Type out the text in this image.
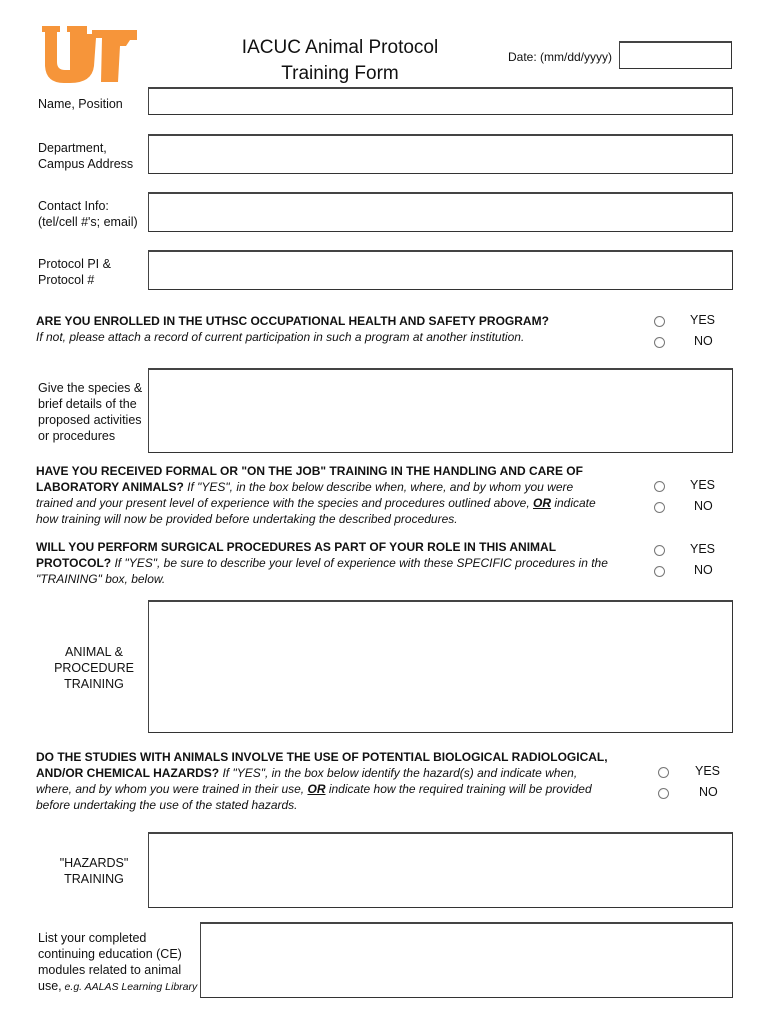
IACUC Animal Protocol
Training Form
Date: (mm/dd/yyyy)
Name, Position
Department,
Campus Address
Contact Info:
(tel/cell #'s; email)
Protocol PI &
Protocol #
ARE YOU ENROLLED IN THE UTHSC OCCUPATIONAL HEALTH AND SAFETY PROGRAM?
If not, please attach a record of current participation in such a program at another institution.
YES
NO
Give the species &
brief details of the
proposed activities
or procedures
HAVE YOU RECEIVED FORMAL OR "ON THE JOB" TRAINING IN THE HANDLING AND CARE OF
LABORATORY ANIMALS? If "YES", in the box below describe when, where, and by whom you were
trained and your present level of experience with the species and procedures outlined above, OR indicate
how training will now be provided before undertaking the described procedures.
YES
NO
WILL YOU PERFORM SURGICAL PROCEDURES AS PART OF YOUR ROLE IN THIS ANIMAL
PROTOCOL? If "YES", be sure to describe your level of experience with these SPECIFIC procedures in the
"TRAINING" box, below.
YES
NO
ANIMAL &
PROCEDURE
TRAINING
DO THE STUDIES WITH ANIMALS INVOLVE THE USE OF POTENTIAL BIOLOGICAL RADIOLOGICAL,
AND/OR CHEMICAL HAZARDS? If "YES", in the box below identify the hazard(s) and indicate when,
where, and by whom you were trained in their use, OR indicate how the required training will be provided
before undertaking the use of the stated hazards.
YES
NO
"HAZARDS"
TRAINING
List your completed
continuing education (CE)
modules related to animal
use, e.g. AALAS Learning Library
